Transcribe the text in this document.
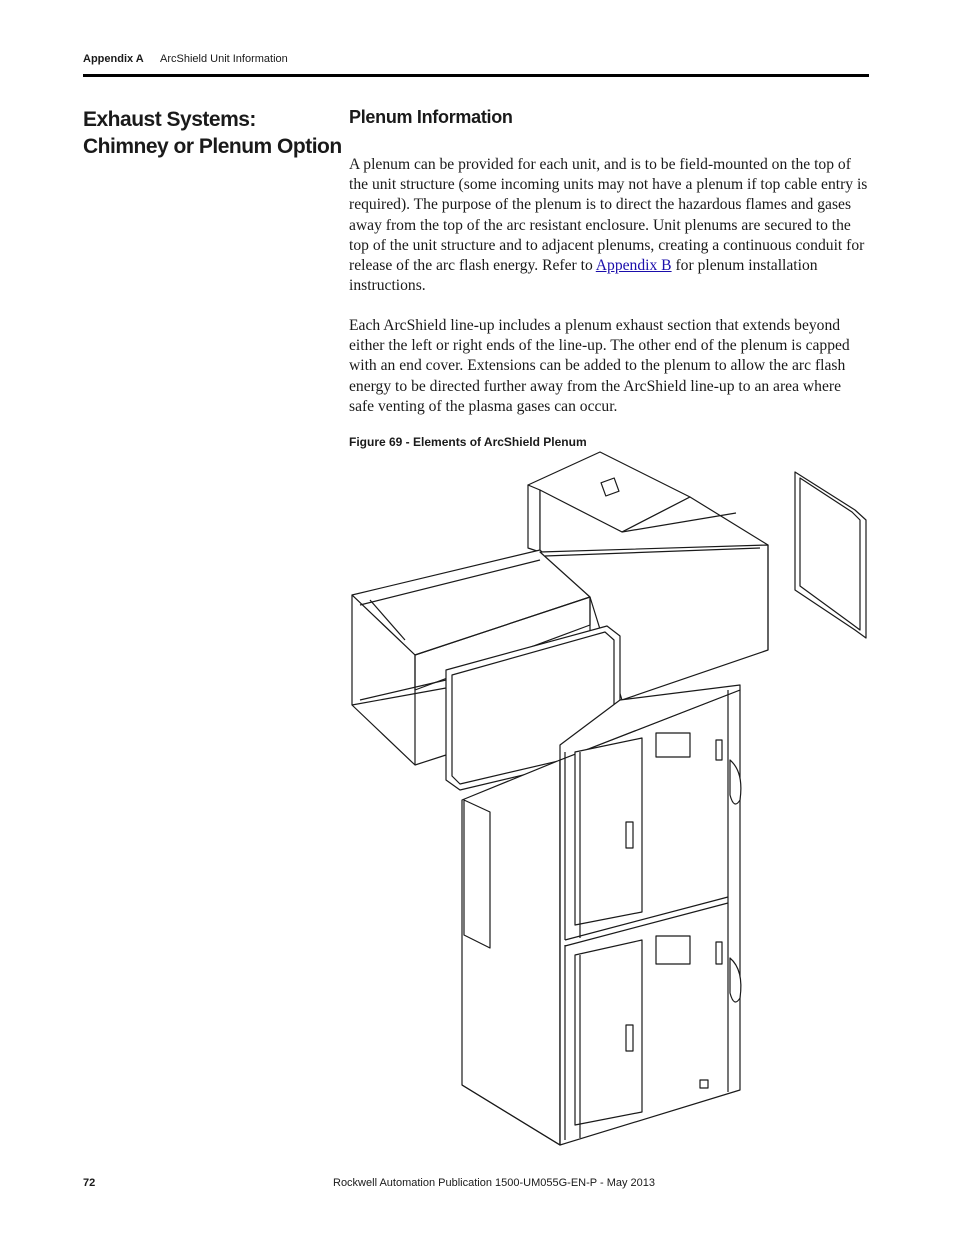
Appendix A ArcShield Unit Information
Exhaust Systems: Chimney or Plenum Option
Plenum Information

A plenum can be provided for each unit, and is to be field-mounted on the top of the unit structure (some incoming units may not have a plenum if top cable entry is required). The purpose of the plenum is to direct the hazardous flames and gases away from the top of the arc resistant enclosure. Unit plenums are secured to the top of the unit structure and to adjacent plenums, creating a continuous conduit for release of the arc flash energy. Refer to Appendix B for plenum installation instructions.

Each ArcShield line-up includes a plenum exhaust section that extends beyond either the left or right ends of the line-up. The other end of the plenum is capped with an end cover. Extensions can be added to the plenum to allow the arc flash energy to be directed further away from the ArcShield line-up to an area where safe venting of the plasma gases can occur.

Figure 69 - Elements of ArcShield Plenum

72	Rockwell Automation Publication 1500-UM055G-EN-P - May 2013
